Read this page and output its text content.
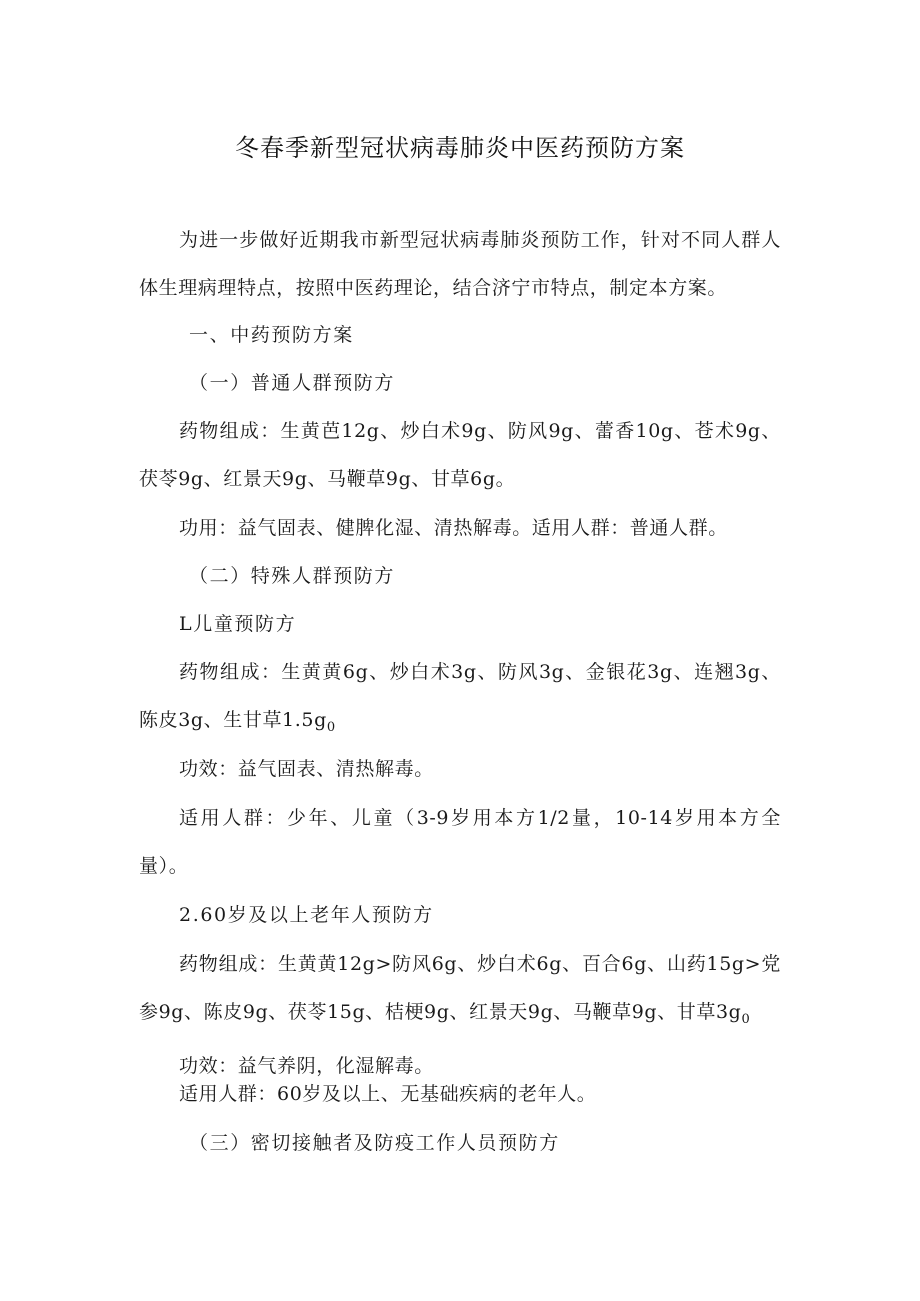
冬春季新型冠状病毒肺炎中医药预防方案
为进一步做好近期我市新型冠状病毒肺炎预防工作，针对不同人群人
体生理病理特点，按照中医药理论，结合济宁市特点，制定本方案。
一、中药预防方案
（一）普通人群预防方
药物组成：生黄芭12g、炒白术9g、防风9g、蕾香10g、苍术9g、
茯苓9g、红景天9g、马鞭草9g、甘草6g。
功用：益气固表、健脾化湿、清热解毒。适用人群：普通人群。
（二）特殊人群预防方
L儿童预防方
药物组成：生黄黄6g、炒白术3g、防风3g、金银花3g、连翘3g、
陈皮3g、生甘草$1.5g_0$
功效：益气固表、清热解毒。
适用人群：少年、儿童（3-9岁用本方1/2量，10-14岁用本方全
量）。
2.60岁及以上老年人预防方
药物组成：生黄黄12g>防风6g、炒白术6g、百合6g、山药15g>党
参9g、陈皮9g、茯苓15g、桔梗9g、红景天9g、马鞭草9g、甘草$3g_0$
功效：益气养阴，化湿解毒。
适用人群：60岁及以上、无基础疾病的老年人。
（三）密切接触者及防疫工作人员预防方
